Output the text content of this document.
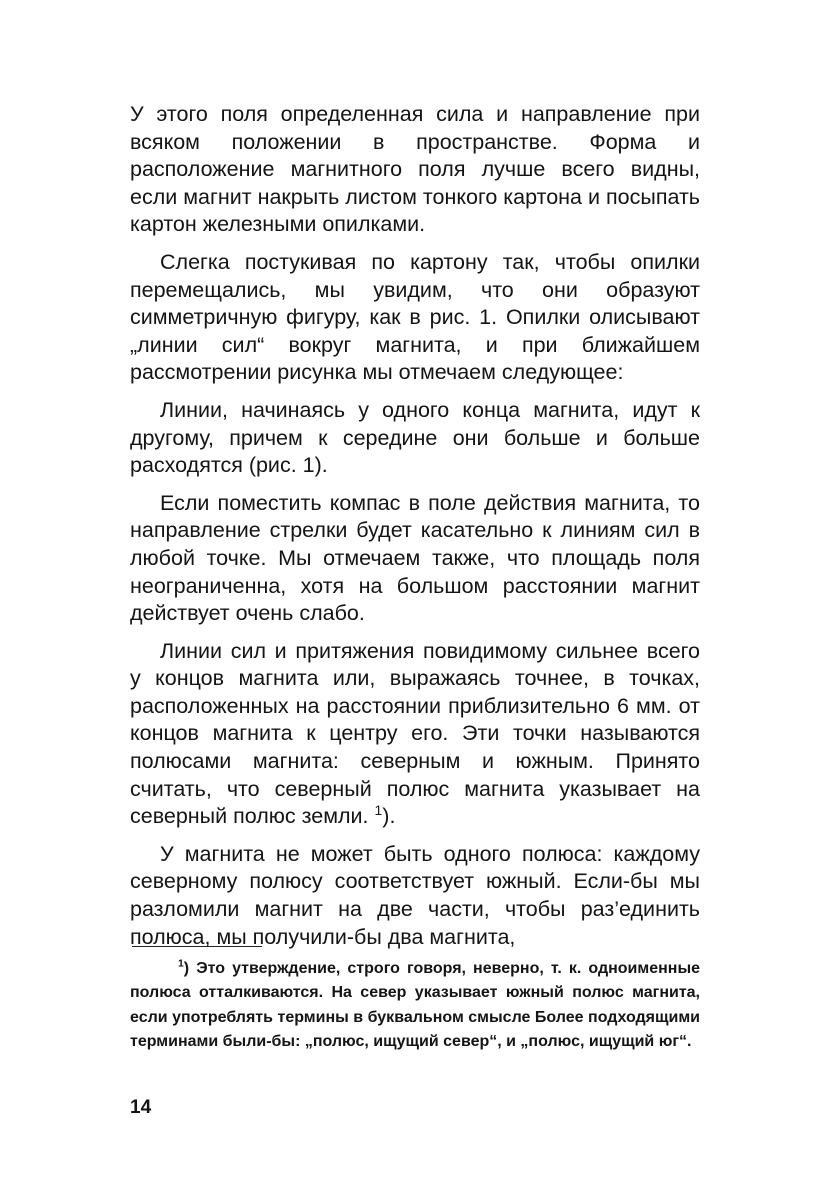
У этого поля определенная сила и направление при всяком положении в пространстве. Форма и расположение магнитного поля лучше всего видны, если магнит накрыть листом тонкого картона и посыпать картон железными опилками.

Слегка постукивая по картону так, чтобы опилки перемещались, мы увидим, что они образуют симметричную фигуру, как в рис. 1. Опилки олисывают „линии сил“ вокруг магнита, и при ближайшем рассмотрении рисунка мы отмечаем следующее:

Линии, начинаясь у одного конца магнита, идут к другому, причем к середине они больше и больше расходятся (рис. 1).

Если поместить компас в поле действия магнита, то направление стрелки будет касательно к линиям сил в любой точке. Мы отмечаем также, что площадь поля неограниченна, хотя на большом расстоянии магнит действует очень слабо.

Линии сил и притяжения повидимому сильнее всего у концов магнита или, выражаясь точнее, в точках, расположенных на расстоянии приблизительно 6 мм. от концов магнита к центру его. Эти точки называются полюсами магнита: северным и южным. Принято считать, что северный полюс магнита указывает на северный полюс земли. $^1$).

У магнита не может быть одного полюса: каждому северному полюсу соответствует южный. Если-бы мы разломили магнит на две части, чтобы раз’единить полюса, мы получили-бы два магнита,

$^1$) Это утверждение, строго говоря, неверно, т. к. одноименные полюса отталкиваются. На север указывает южный полюс магнита, если употреблять термины в буквальном смысле Более подходящими терминами были-бы: „полюс, ищущий север“, и „полюс, ищущий юг“.

14
